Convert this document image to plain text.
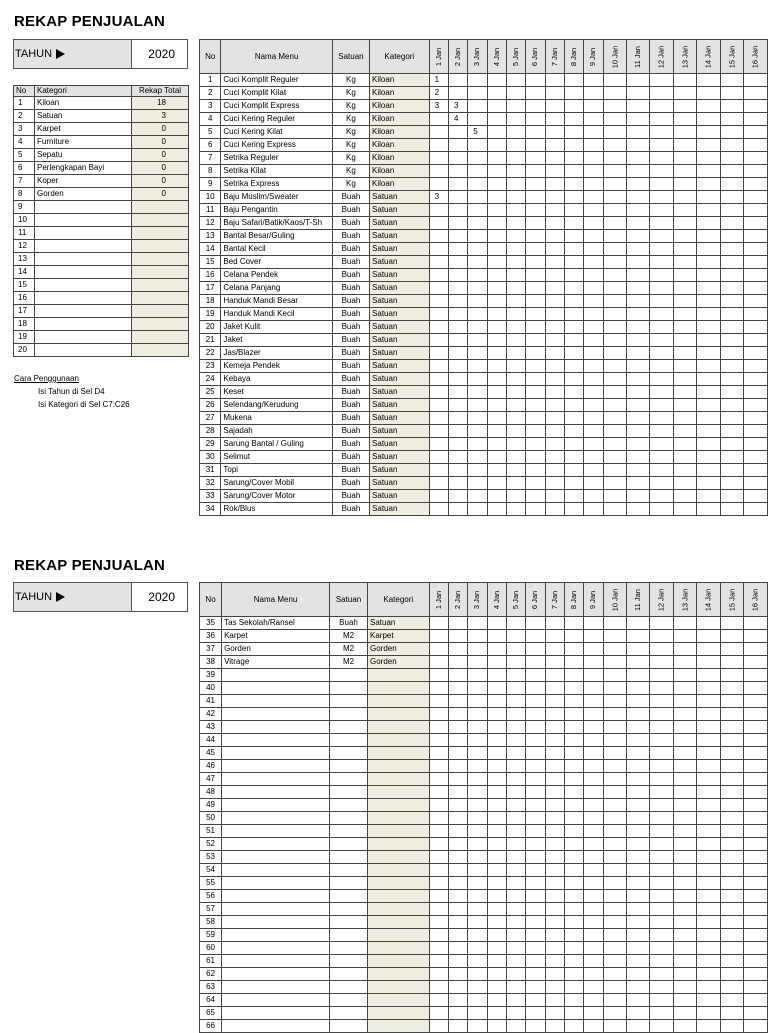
REKAP PENJUALAN
TAHUN	2020
No	Kategori	Rekap Total
1	Kiloan	18
2	Satuan	3
3	Karpet	0
4	Furniture	0
5	Sepatu	0
6	Perlengkapan Bayi	0
7	Koper	0
8	Gorden	0
9		
10		
11		
12		
13		
14		
15		
16		
17		
18		
19		
20		
Cara Penggunaan
Isi Tahun di Sel D4
Isi Kategori di Sel C7:C26
No	Nama Menu	Satuan	Kategori	1 Jan	2 Jan	3 Jan	4 Jan	5 Jan	6 Jan	7 Jan	8 Jan	9 Jan	10 Jan	11 Jan	12 Jan	13 Jan	14 Jan	15 Jan	16 Jan
1	Cuci Komplit Reguler	Kg	Kiloan	1															
2	Cuci Komplit Kilat	Kg	Kiloan	2															
3	Cuci Komplit Express	Kg	Kiloan	3	3														
4	Cuci Kering Reguler	Kg	Kiloan		4														
5	Cuci Kering Kilat	Kg	Kiloan			5													
6	Cuci Kering Express	Kg	Kiloan																
7	Setrika Reguler	Kg	Kiloan																
8	Setrika Kilat	Kg	Kiloan																
9	Setrika Express	Kg	Kiloan																
10	Baju Muslim/Sweater	Buah	Satuan	3															
11	Baju Pengantin	Buah	Satuan																
12	Baju Safari/Batik/Kaos/T-Sh	Buah	Satuan																
13	Bantal Besar/Guling	Buah	Satuan																
14	Bantal Kecil	Buah	Satuan																
15	Bed Cover	Buah	Satuan																
16	Celana Pendek	Buah	Satuan																
17	Celana Panjang	Buah	Satuan																
18	Handuk Mandi Besar	Buah	Satuan																
19	Handuk Mandi Kecil	Buah	Satuan																
20	Jaket Kulit	Buah	Satuan																
21	Jaket	Buah	Satuan																
22	Jas/Blazer	Buah	Satuan																
23	Kemeja Pendek	Buah	Satuan																
24	Kebaya	Buah	Satuan																
25	Keset	Buah	Satuan																
26	Selendang/Kerudung	Buah	Satuan																
27	Mukena	Buah	Satuan																
28	Sajadah	Buah	Satuan																
29	Sarung Bantal / Guling	Buah	Satuan																
30	Selimut	Buah	Satuan																
31	Topi	Buah	Satuan																
32	Sarung/Cover Mobil	Buah	Satuan																
33	Sarung/Cover Motor	Buah	Satuan																
34	Rok/Blus	Buah	Satuan																
REKAP PENJUALAN
TAHUN	2020	No	Nama Menu	Satuan	Kategori	1 Jan	2 Jan	3 Jan	4 Jan	5 Jan	6 Jan	7 Jan	8 Jan	9 Jan	10 Jan	11 Jan	12 Jan	13 Jan	14 Jan	15 Jan	16 Jan
35	Tas Sekolah/Ransel	Buah	Satuan																
36	Karpet	M2	Karpet																
37	Gorden	M2	Gorden																
38	Vitrage	M2	Gorden																
39																			
40																			
41																			
42																			
43																			
44																			
45																			
46																			
47																			
48																			
49																			
50																			
51																			
52																			
53																			
54																			
55																			
56																			
57																			
58																			
59																			
60																			
61																			
62																			
63																			
64																			
65																			
66																			
